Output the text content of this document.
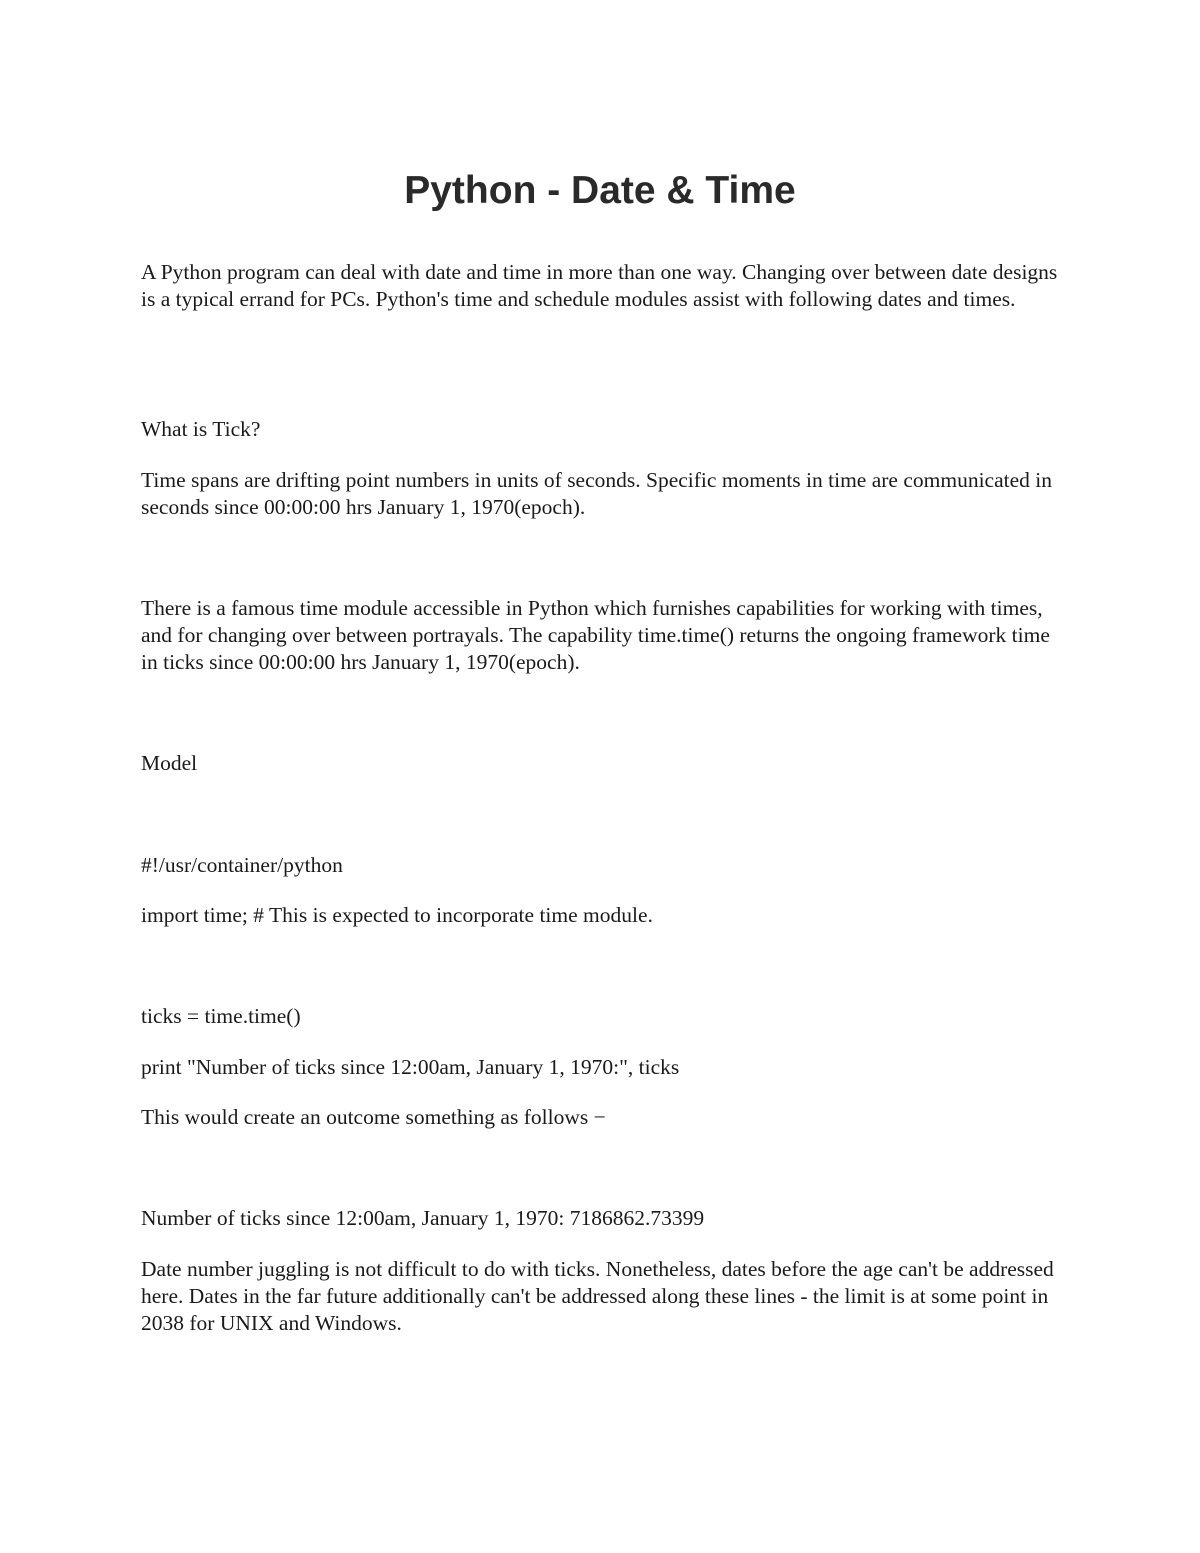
Python - Date & Time

A Python program can deal with date and time in more than one way. Changing over between date designs is a typical errand for PCs. Python's time and schedule modules assist with following dates and times.

What is Tick?

Time spans are drifting point numbers in units of seconds. Specific moments in time are communicated in seconds since 00:00:00 hrs January 1, 1970(epoch).

There is a famous time module accessible in Python which furnishes capabilities for working with times, and for changing over between portrayals. The capability time.time() returns the ongoing framework time in ticks since 00:00:00 hrs January 1, 1970(epoch).

Model

#!/usr/container/python

import time; # This is expected to incorporate time module.

ticks = time.time()

print "Number of ticks since 12:00am, January 1, 1970:", ticks

This would create an outcome something as follows −

Number of ticks since 12:00am, January 1, 1970: 7186862.73399

Date number juggling is not difficult to do with ticks. Nonetheless, dates before the age can't be addressed here. Dates in the far future additionally can't be addressed along these lines - the limit is at some point in 2038 for UNIX and Windows.
